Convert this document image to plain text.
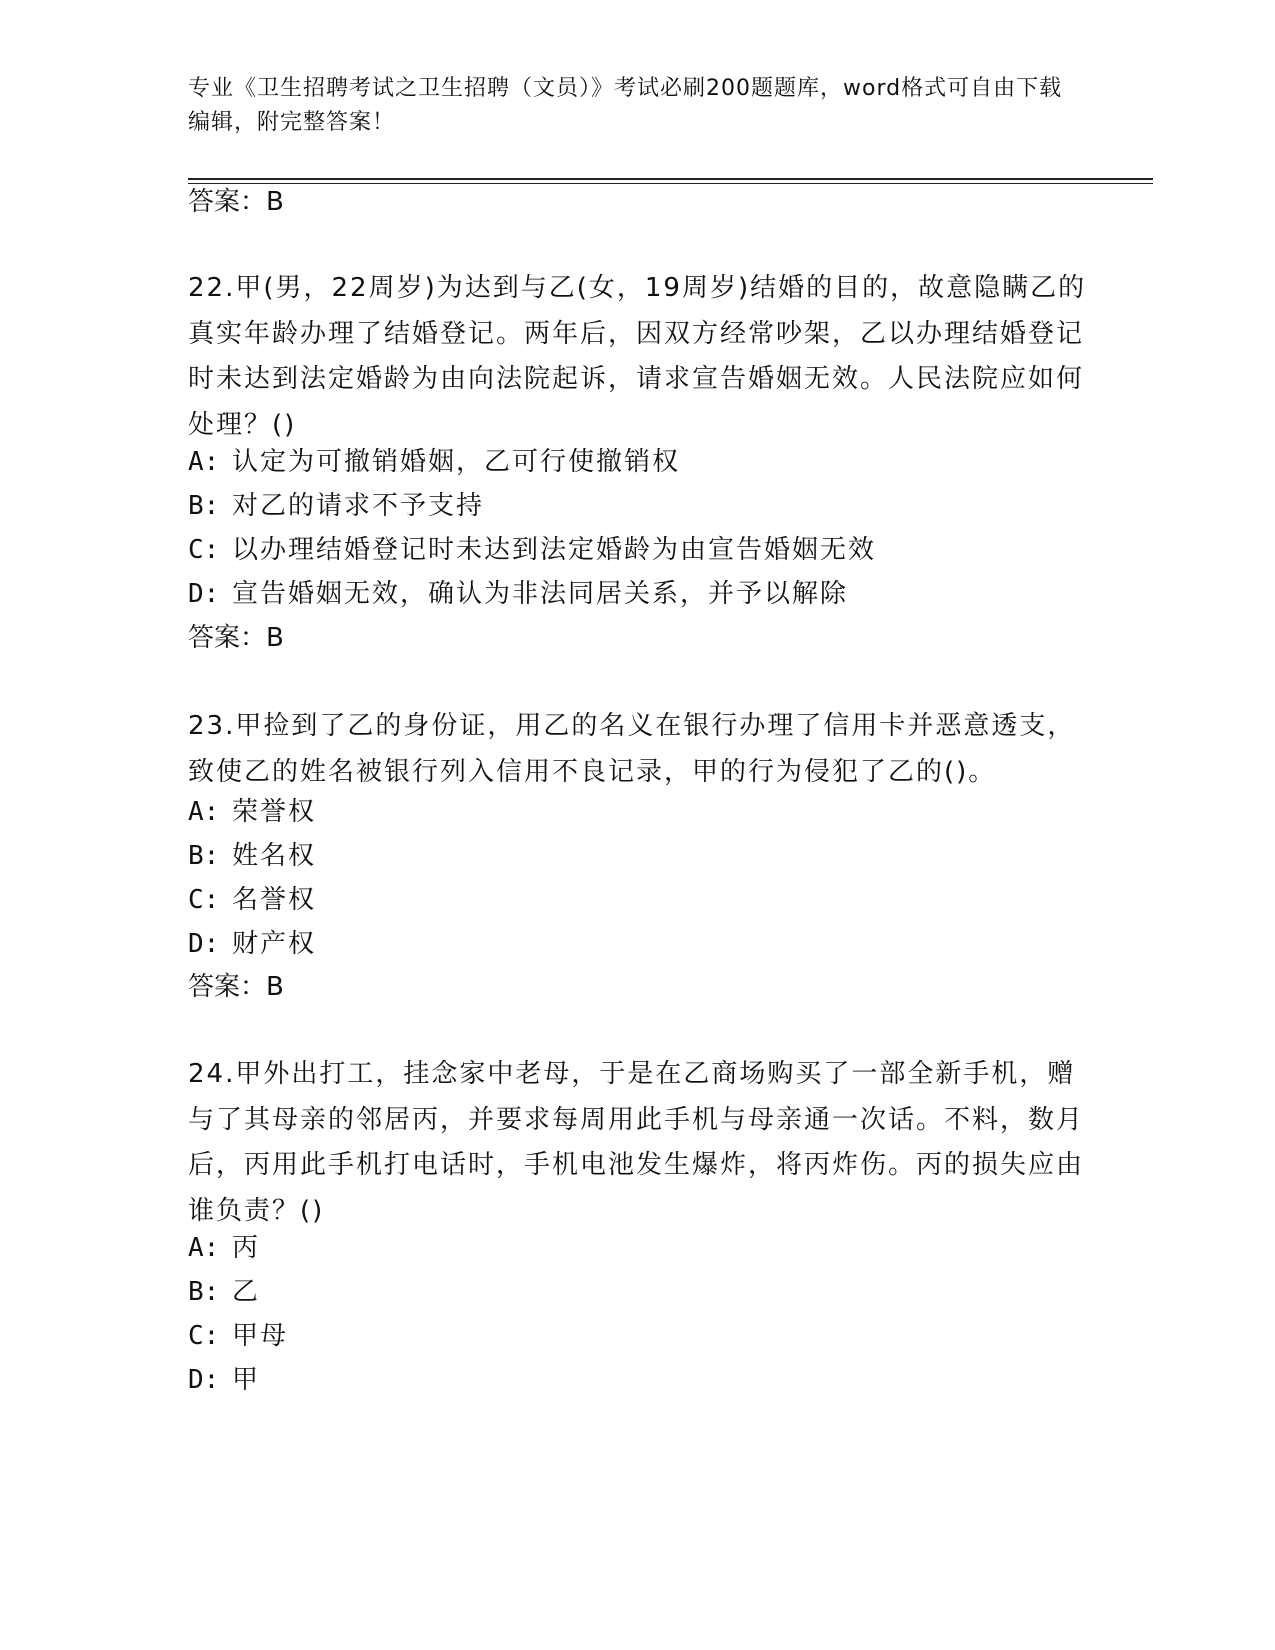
专业《卫生招聘考试之卫生招聘（文员）》考试必刷200题题库，word格式可自由下载编辑，附完整答案！
答案：B
22.甲(男，22周岁)为达到与乙(女，19周岁)结婚的目的，故意隐瞒乙的真实年龄办理了结婚登记。两年后，因双方经常吵架，乙以办理结婚登记时未达到法定婚龄为由向法院起诉，请求宣告婚姻无效。人民法院应如何处理？()
A: 认定为可撤销婚姻，乙可行使撤销权
B: 对乙的请求不予支持
C: 以办理结婚登记时未达到法定婚龄为由宣告婚姻无效
D: 宣告婚姻无效，确认为非法同居关系，并予以解除
答案：B
23.甲捡到了乙的身份证，用乙的名义在银行办理了信用卡并恶意透支，致使乙的姓名被银行列入信用不良记录，甲的行为侵犯了乙的()。
A: 荣誉权
B: 姓名权
C: 名誉权
D: 财产权
答案：B
24.甲外出打工，挂念家中老母，于是在乙商场购买了一部全新手机，赠与了其母亲的邻居丙，并要求每周用此手机与母亲通一次话。不料，数月后，丙用此手机打电话时，手机电池发生爆炸，将丙炸伤。丙的损失应由谁负责？()
A: 丙
B: 乙
C: 甲母
D: 甲
